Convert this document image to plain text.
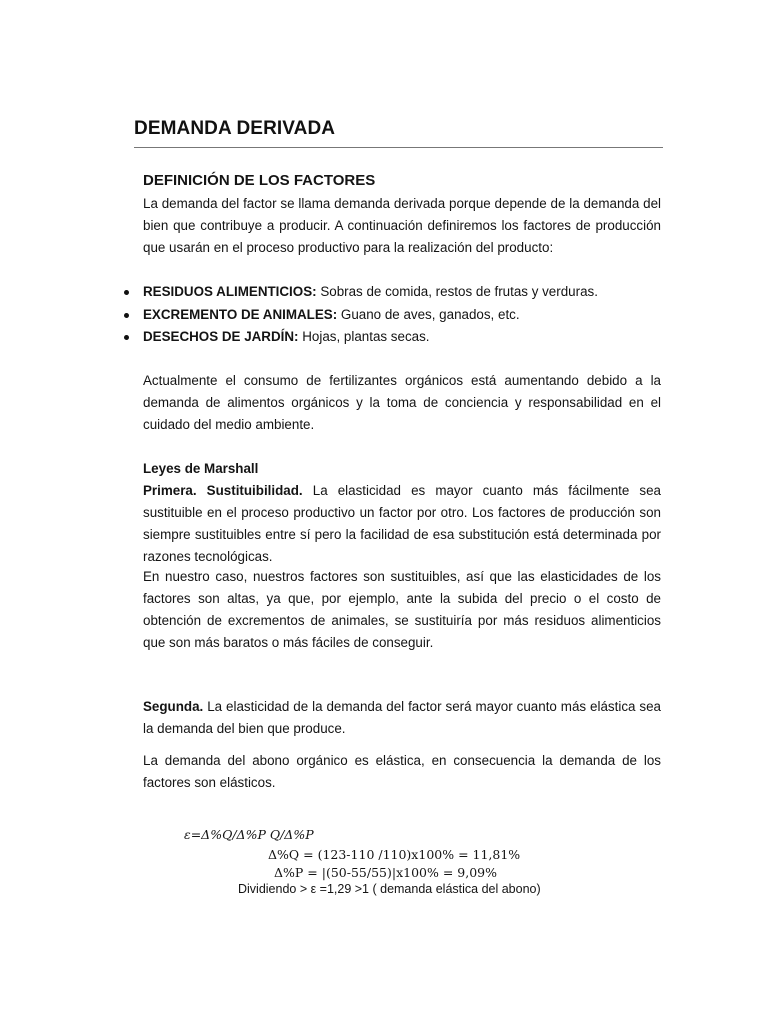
DEMANDA DERIVADA
DEFINICIÓN DE LOS FACTORES
La demanda del factor se llama demanda derivada porque depende de la demanda del bien que contribuye a producir. A continuación definiremos los factores de producción que usarán en el proceso productivo para la realización del producto:
RESIDUOS ALIMENTICIOS: Sobras de comida, restos de frutas y verduras.
EXCREMENTO DE ANIMALES: Guano de aves, ganados, etc.
DESECHOS DE JARDÍN: Hojas, plantas secas.
Actualmente el consumo de fertilizantes orgánicos está aumentando debido a la demanda de alimentos orgánicos y la toma de conciencia y responsabilidad en el cuidado del medio ambiente.
Leyes de Marshall
Primera. Sustituibilidad. La elasticidad es mayor cuanto más fácilmente sea sustituible en el proceso productivo un factor por otro. Los factores de producción son siempre sustituibles entre sí pero la facilidad de esa substitución está determinada por razones tecnológicas.
En nuestro caso, nuestros factores son sustituibles, así que las elasticidades de los factores son altas, ya que, por ejemplo, ante la subida del precio o el costo de obtención de excrementos de animales, se sustituiría por más residuos alimenticios que son más baratos o más fáciles de conseguir.
Segunda. La elasticidad de la demanda del factor será mayor cuanto más elástica sea la demanda del bien que produce.
La demanda del abono orgánico es elástica, en consecuencia la demanda de los factores son elásticos.
ε=Δ%Q/Δ%P Q/Δ%P
Δ%Q = (123-110 /110)x100% = 11,81%
Δ%P = |(50-55/55)|x100% = 9,09%
Dividiendo > ε =1,29 >1 ( demanda elástica del abono)
